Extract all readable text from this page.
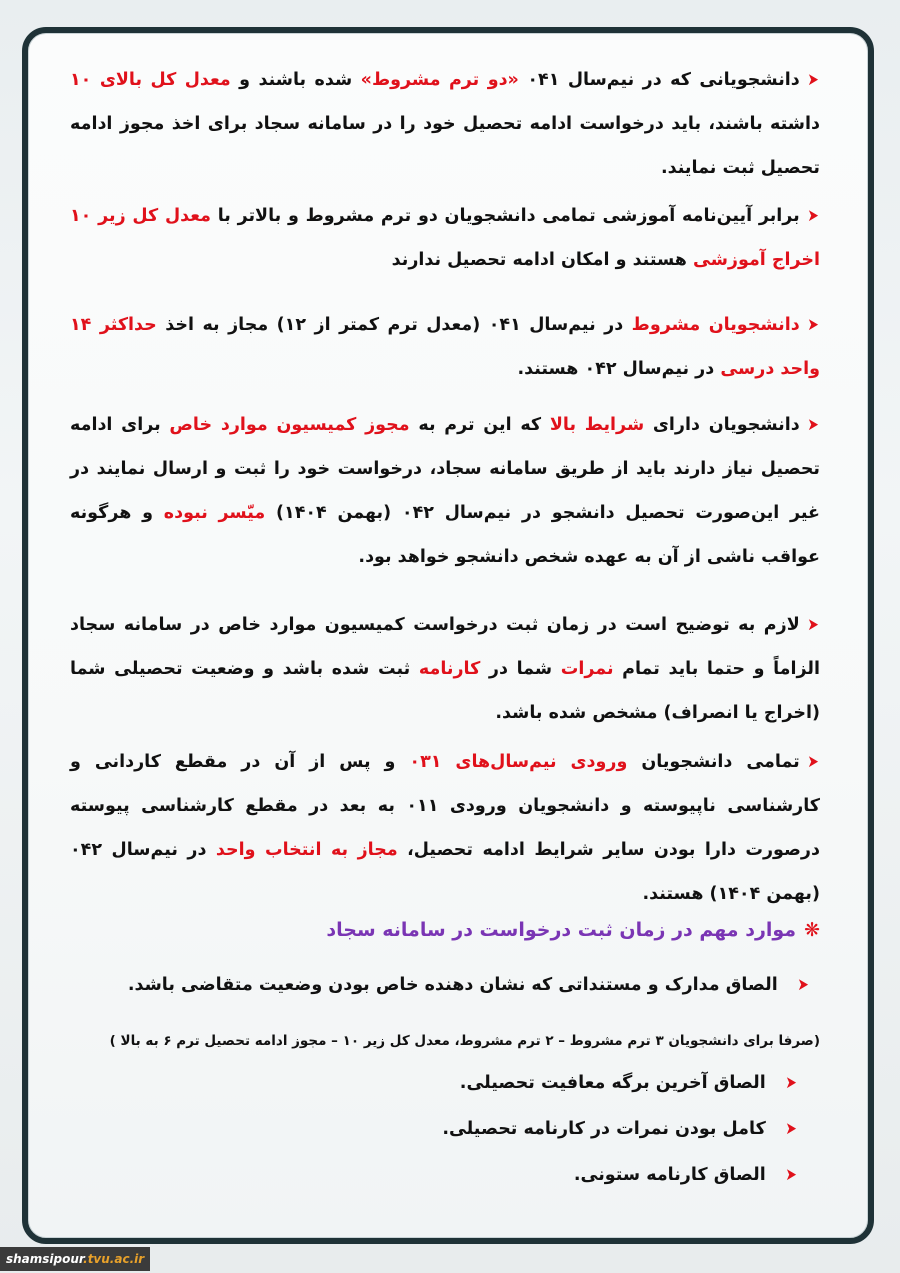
➤دانشجویانی که در نیم‌سال ۰۴۱ «دو ترم مشروط» شده باشند و معدل کل بالای ۱۰ داشته باشند، باید درخواست ادامه تحصیل خود را در سامانه سجاد برای اخذ مجوز ادامه تحصیل ثبت نمایند.
➤برابر آیین‌نامه آموزشی تمامی دانشجویان دو ترم مشروط و بالاتر با معدل کل زیر ۱۰ اخراج آموزشی هستند و امکان ادامه تحصیل ندارند
➤دانشجویان مشروط در نیم‌سال ۰۴۱ (معدل ترم کمتر از ۱۲) مجاز به اخذ حداکثر ۱۴ واحد درسی در نیم‌سال ۰۴۲ هستند.
➤دانشجویان دارای شرایط بالا که این ترم به مجوز کمیسیون موارد خاص برای ادامه تحصیل نیاز دارند باید از طریق سامانه سجاد، درخواست خود را ثبت و ارسال نمایند در غیر این‌صورت تحصیل دانشجو در نیم‌سال ۰۴۲ (بهمن ۱۴۰۴) میّسر نبوده و هرگونه عواقب ناشی از آن به عهده شخص دانشجو خواهد بود.
➤لازم به توضیح است در زمان ثبت درخواست کمیسیون موارد خاص در سامانه سجاد الزاماً و حتما باید تمام نمرات شما در کارنامه ثبت شده باشد و وضعیت تحصیلی شما (اخراج یا انصراف) مشخص شده باشد.
➤تمامی دانشجویان ورودی نیم‌سال‌های ۰۳۱ و پس از آن در مقطع کاردانی و کارشناسی ناپیوسته و دانشجویان ورودی ۰۱۱ به بعد در مقطع کارشناسی پیوسته درصورت دارا بودن سایر شرایط ادامه تحصیل، مجاز به انتخاب واحد در نیم‌سال ۰۴۲ (بهمن ۱۴۰۴) هستند.
❋موارد مهم در زمان ثبت درخواست در سامانه سجاد
➤الصاق مدارک و مستنداتی که نشان دهنده خاص بودن وضعیت متقاضی باشد.
(صرفا برای دانشجویان ۳ ترم مشروط – ۲ ترم مشروط، معدل کل زیر ۱۰ – مجوز ادامه تحصیل ترم ۶ به بالا )
➤الصاق آخرین برگه معافیت تحصیلی.
➤کامل بودن نمرات در کارنامه تحصیلی.
➤الصاق کارنامه ستونی.
shamsipour.tvu.ac.ir
